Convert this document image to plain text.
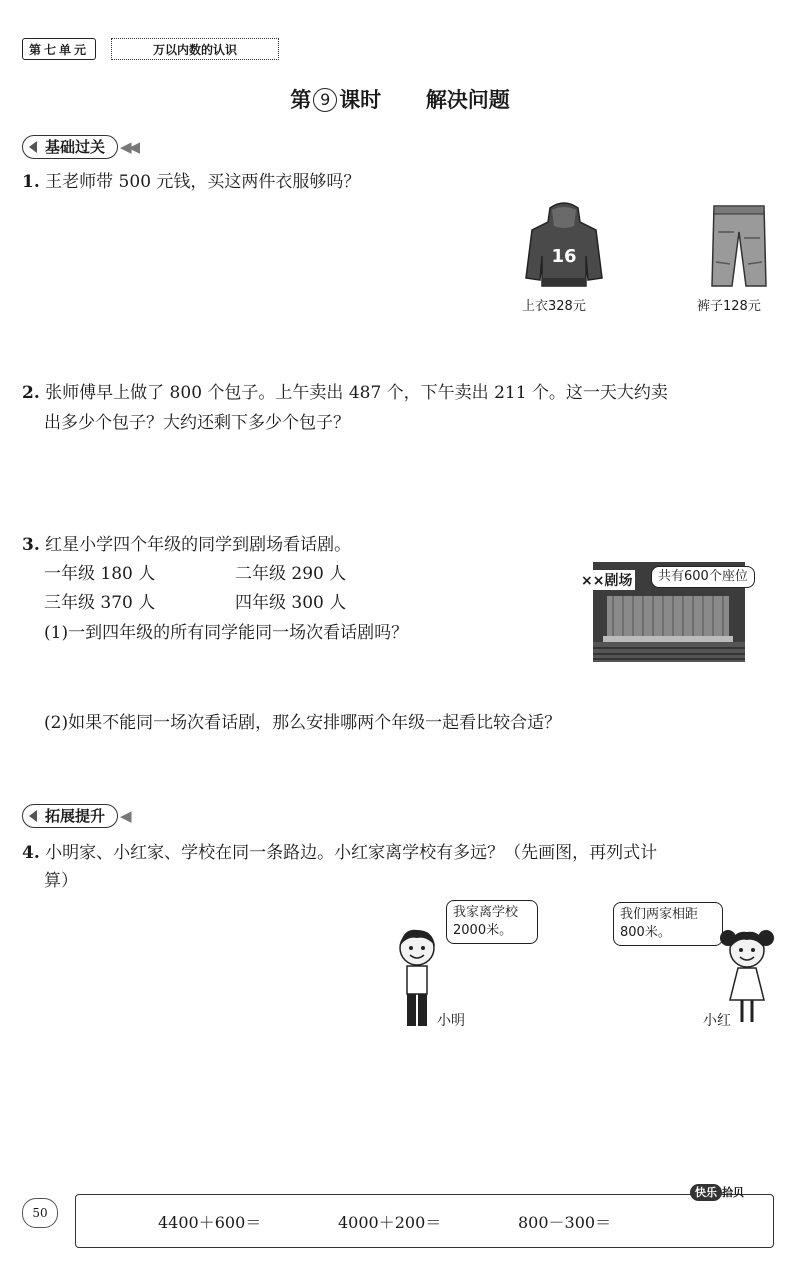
第七单元	万以内数的认识
第 9 课时 解决问题
基础过关	◀◀
1. 王老师带 500 元钱，买这两件衣服够吗？
16
上衣328元	裤子128元
2. 张师傅早上做了 800 个包子。上午卖出 487 个，下午卖出 211 个。这一天大约卖
出多少个包子？大约还剩下多少个包子？
3. 红星小学四个年级的同学到剧场看话剧。
一年级 180 人	二年级 290 人
三年级 370 人	四年级 300 人
(1)一到四年级的所有同学能同一场次看话剧吗？
××剧场	共有600个座位
(2)如果不能同一场次看话剧，那么安排哪两个年级一起看比较合适？
拓展提升	◀
4. 小明家、小红家、学校在同一条路边。小红家离学校有多远？（先画图，再列式计
算）
我家离学校2000米。
小明
我们两家相距800米。
小红
50
快乐 拾贝
4400＋600＝	4000＋200＝	800－300＝
